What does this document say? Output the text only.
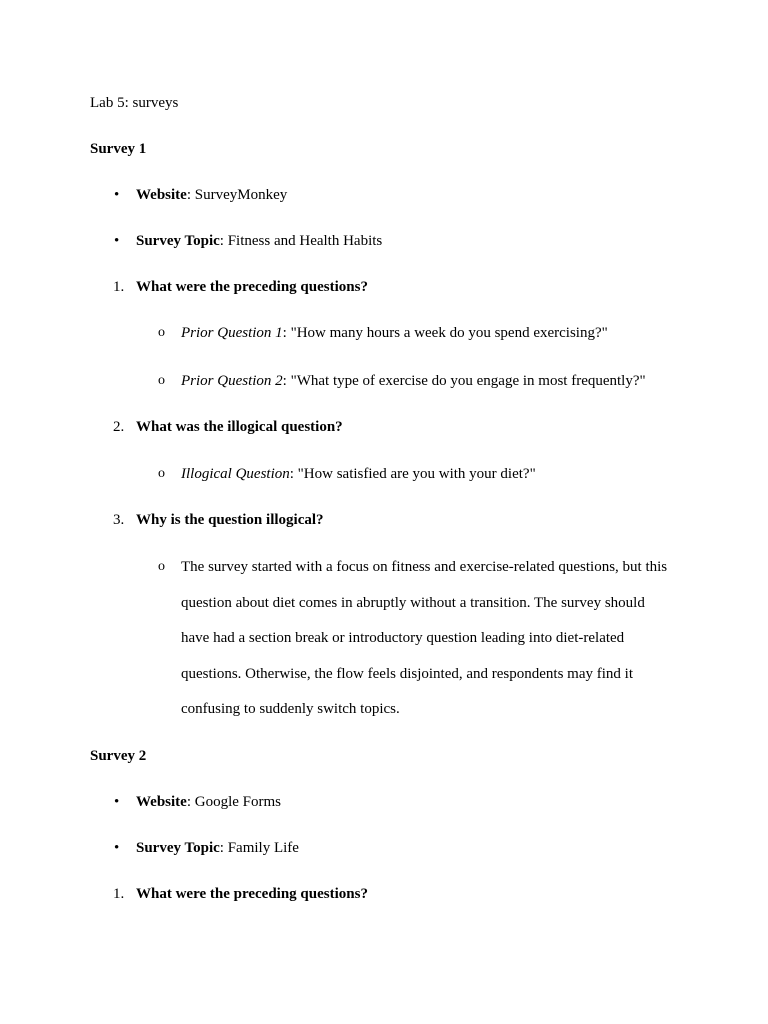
Lab 5: surveys
Survey 1
•	Website: SurveyMonkey
•	Survey Topic: Fitness and Health Habits
1. What were the preceding questions?
o Prior Question 1: "How many hours a week do you spend exercising?"
o Prior Question 2: "What type of exercise do you engage in most frequently?"
2. What was the illogical question?
o Illogical Question: "How satisfied are you with your diet?"
3. Why is the question illogical?
o The survey started with a focus on fitness and exercise-related questions, but this
question about diet comes in abruptly without a transition. The survey should
have had a section break or introductory question leading into diet-related
questions. Otherwise, the flow feels disjointed, and respondents may find it
confusing to suddenly switch topics.
Survey 2
•	Website: Google Forms
•	Survey Topic: Family Life
1. What were the preceding questions?
